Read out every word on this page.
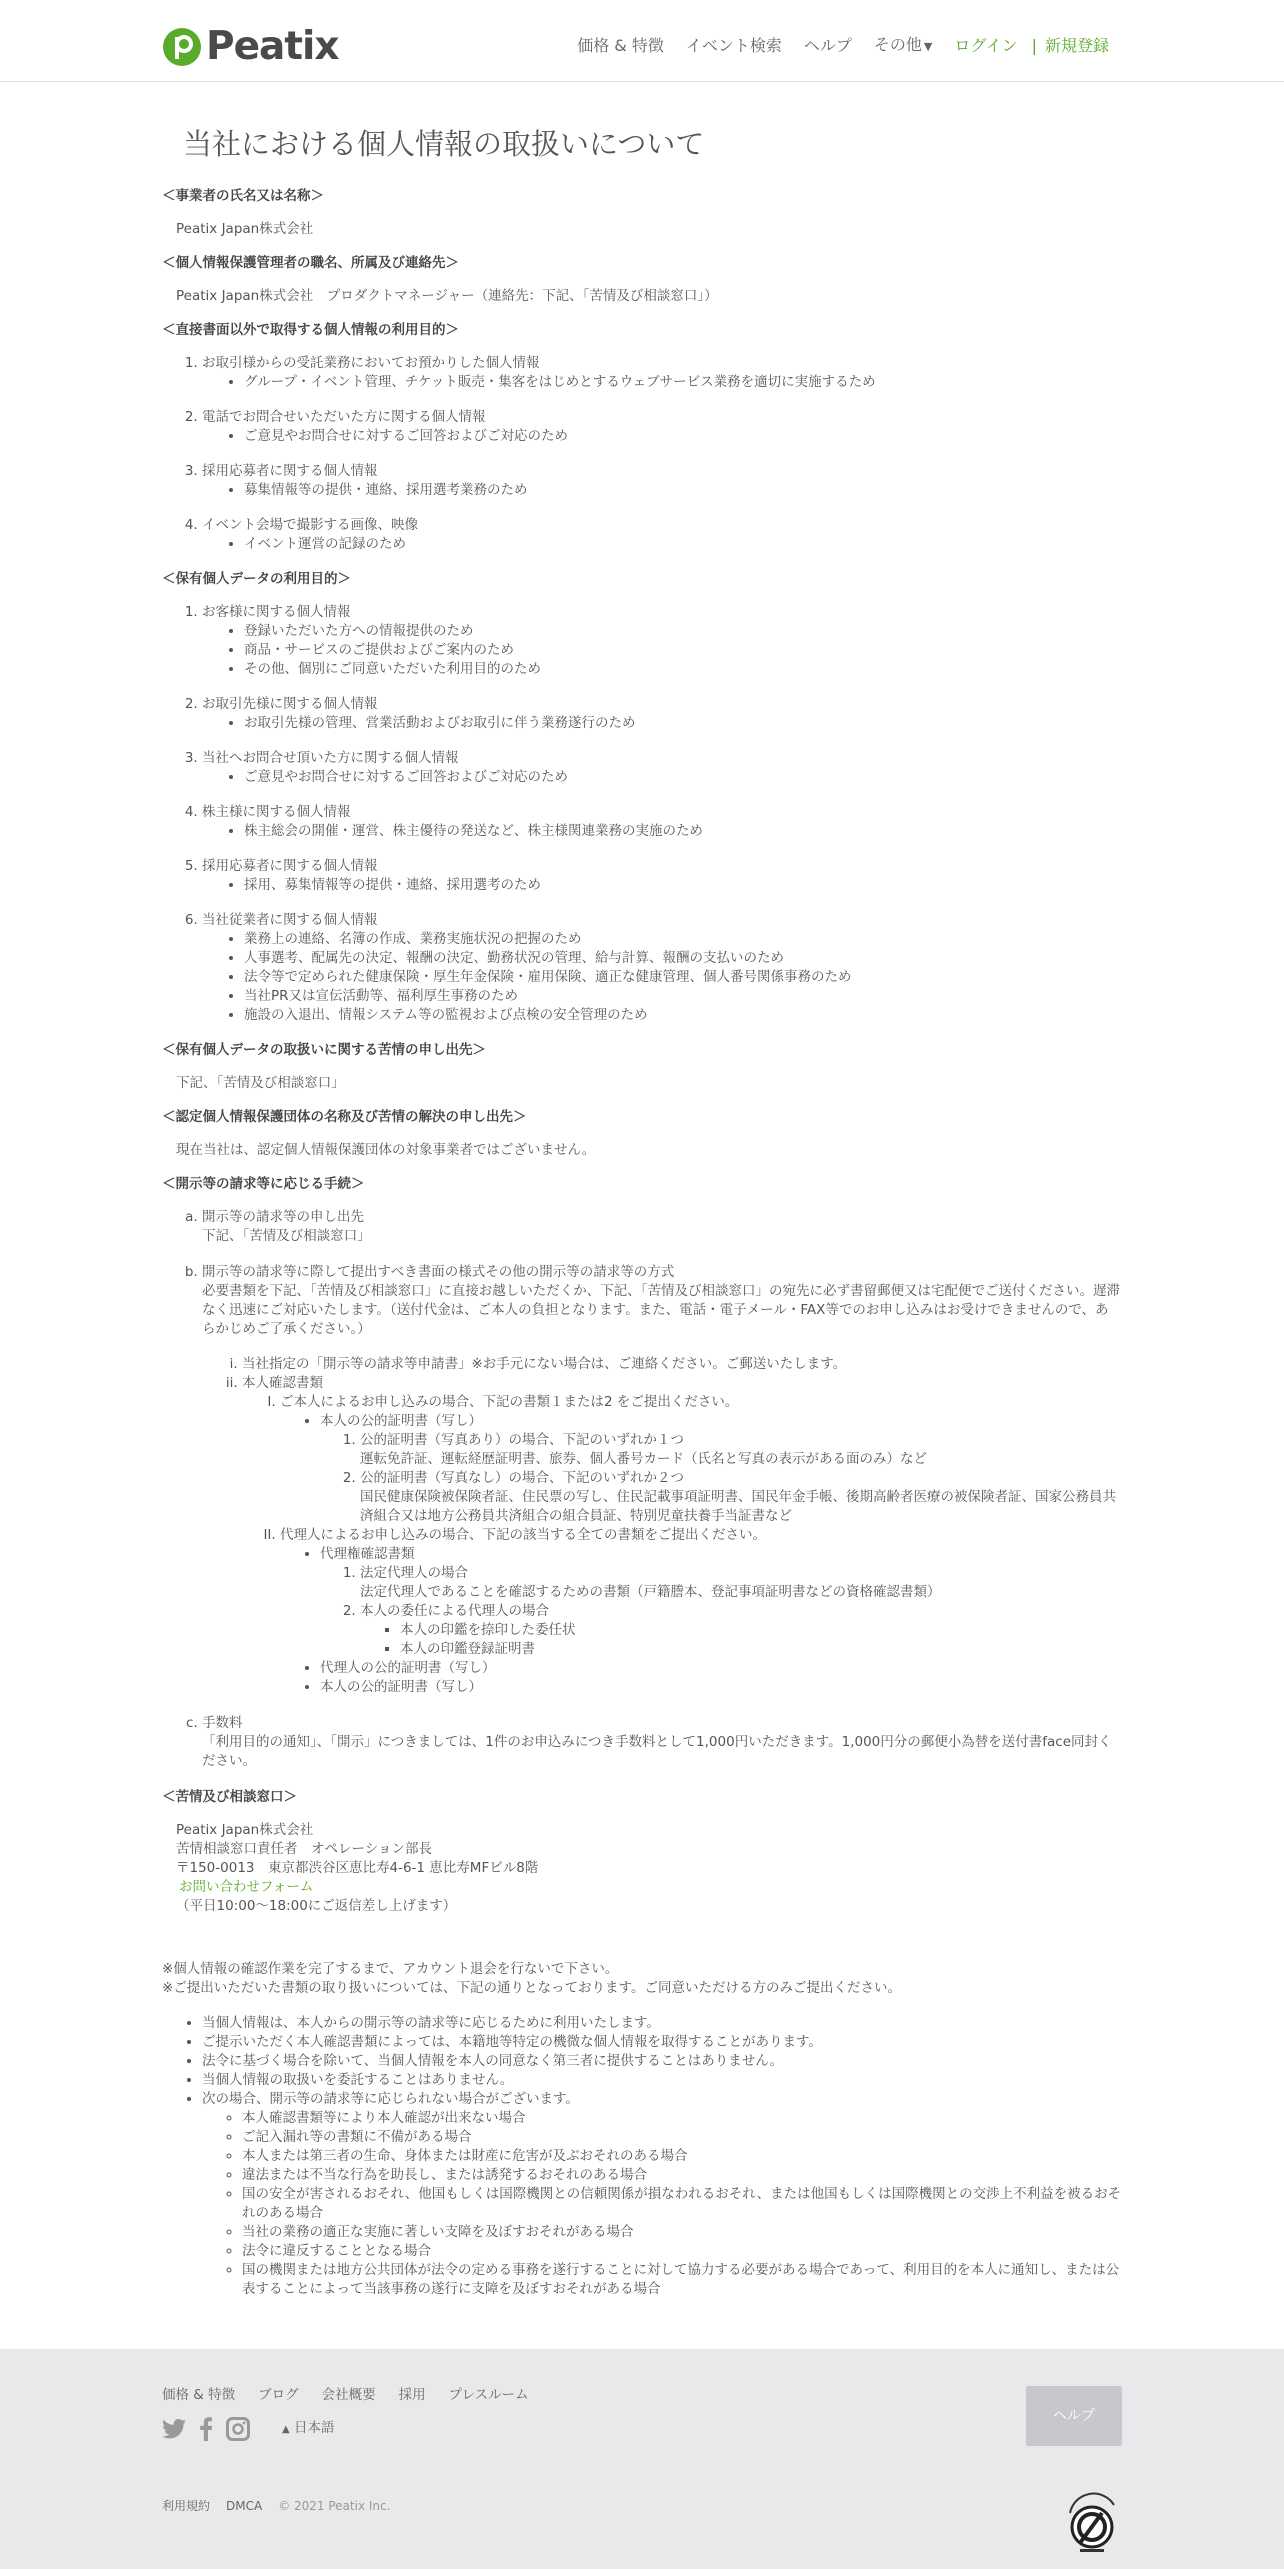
Peatix	価格 & 特徴 イベント検索 ヘルプ その他 ▼ ログイン | 新規登録
当社における個人情報の取扱いについて
＜事業者の氏名又は名称＞
Peatix Japan株式会社
＜個人情報保護管理者の職名、所属及び連絡先＞
Peatix Japan株式会社　プロダクトマネージャー（連絡先：下記、「苦情及び相談窓口」）
＜直接書面以外で取得する個人情報の利用目的＞
1. お取引様からの受託業務においてお預かりした個人情報
• グループ・イベント管理、チケット販売・集客をはじめとするウェブサービス業務を適切に実施するため
2. 電話でお問合せいただいた方に関する個人情報
• ご意見やお問合せに対するご回答およびご対応のため
3. 採用応募者に関する個人情報
• 募集情報等の提供・連絡、採用選考業務のため
4. イベント会場で撮影する画像、映像
• イベント運営の記録のため
＜保有個人データの利用目的＞
1. お客様に関する個人情報
• 登録いただいた方への情報提供のため
• 商品・サービスのご提供およびご案内のため
• その他、個別にご同意いただいた利用目的のため
2. お取引先様に関する個人情報
• お取引先様の管理、営業活動およびお取引に伴う業務遂行のため
3. 当社へお問合せ頂いた方に関する個人情報
• ご意見やお問合せに対するご回答およびご対応のため
4. 株主様に関する個人情報
• 株主総会の開催・運営、株主優待の発送など、株主様関連業務の実施のため
5. 採用応募者に関する個人情報
• 採用、募集情報等の提供・連絡、採用選考のため
6. 当社従業者に関する個人情報
• 業務上の連絡、名簿の作成、業務実施状況の把握のため
• 人事選考、配属先の決定、報酬の決定、勤務状況の管理、給与計算、報酬の支払いのため
• 法令等で定められた健康保険・厚生年金保険・雇用保険、適正な健康管理、個人番号関係事務のため
• 当社PR又は宣伝活動等、福利厚生事務のため
• 施設の入退出、情報システム等の監視および点検の安全管理のため
＜保有個人データの取扱いに関する苦情の申し出先＞
下記、「苦情及び相談窓口」
＜認定個人情報保護団体の名称及び苦情の解決の申し出先＞
現在当社は、認定個人情報保護団体の対象事業者ではございません。
＜開示等の請求等に応じる手続＞
a. 開示等の請求等の申し出先
下記、「苦情及び相談窓口」
b. 開示等の請求等に際して提出すべき書面の様式その他の開示等の請求等の方式
必要書類を下記、「苦情及び相談窓口」に直接お越しいただくか、下記、「苦情及び相談窓口」の宛先に必ず書留郵便又は宅配便でご送付ください。遅滞なく迅速にご対応いたします。（送付代金は、ご本人の負担となります。また、電話・電子メール・FAX等でのお申し込みはお受けできませんので、あらかじめご了承ください。）
i. 当社指定の「開示等の請求等申請書」※お手元にない場合は、ご連絡ください。ご郵送いたします。
ii. 本人確認書類
I. ご本人によるお申し込みの場合、下記の書類１または2 をご提出ください。
• 本人の公的証明書（写し）
1. 公的証明書（写真あり）の場合、下記のいずれか１つ
運転免許証、運転経歴証明書、旅券、個人番号カード（氏名と写真の表示がある面のみ）など
2. 公的証明書（写真なし）の場合、下記のいずれか２つ
国民健康保険被保険者証、住民票の写し、住民記載事項証明書、国民年金手帳、後期高齢者医療の被保険者証、国家公務員共済組合又は地方公務員共済組合の組合員証、特別児童扶養手当証書など
II. 代理人によるお申し込みの場合、下記の該当する全ての書類をご提出ください。
• 代理権確認書類
1. 法定代理人の場合
法定代理人であることを確認するための書類（戸籍謄本、登記事項証明書などの資格確認書類）
2. 本人の委任による代理人の場合
▪ 本人の印鑑を捺印した委任状
▪ 本人の印鑑登録証明書
• 代理人の公的証明書（写し）
• 本人の公的証明書（写し）
c. 手数料
「利用目的の通知」、「開示」につきましては、1件のお申込みにつき手数料として1,000円いただきます。1,000円分の郵便小為替を送付書face同封ください。
＜苦情及び相談窓口＞
Peatix Japan株式会社
苦情相談窓口責任者　オペレーション部長
〒150-0013　東京都渋谷区恵比寿4-6-1 恵比寿MFビル8階
お問い合わせフォーム
（平日10:00～18:00にご返信差し上げます）
※個人情報の確認作業を完了するまで、アカウント退会を行ないで下さい。
※ご提出いただいた書類の取り扱いについては、下記の通りとなっております。ご同意いただける方のみご提出ください。
• 当個人情報は、本人からの開示等の請求等に応じるために利用いたします。
• ご提示いただく本人確認書類によっては、本籍地等特定の機微な個人情報を取得することがあります。
• 法令に基づく場合を除いて、当個人情報を本人の同意なく第三者に提供することはありません。
• 当個人情報の取扱いを委託することはありません。
• 次の場合、開示等の請求等に応じられない場合がございます。
◦ 本人確認書類等により本人確認が出来ない場合
◦ ご記入漏れ等の書類に不備がある場合
◦ 本人または第三者の生命、身体または財産に危害が及ぶおそれのある場合
◦ 違法または不当な行為を助長し、または誘発するおそれのある場合
◦ 国の安全が害されるおそれ、他国もしくは国際機関との信頼関係が損なわれるおそれ、または他国もしくは国際機関との交渉上不利益を被るおそれのある場合
◦ 当社の業務の適正な実施に著しい支障を及ぼすおそれがある場合
◦ 法令に違反することとなる場合
◦ 国の機関または地方公共団体が法令の定める事務を遂行することに対して協力する必要がある場合であって、利用目的を本人に通知し、または公表することによって当該事務の遂行に支障を及ぼすおそれがある場合
価格 & 特徴 ブログ 会社概要 採用 プレスルーム
▲ 日本語
ヘルプ
利用規約 DMCA © 2021 Peatix Inc.
